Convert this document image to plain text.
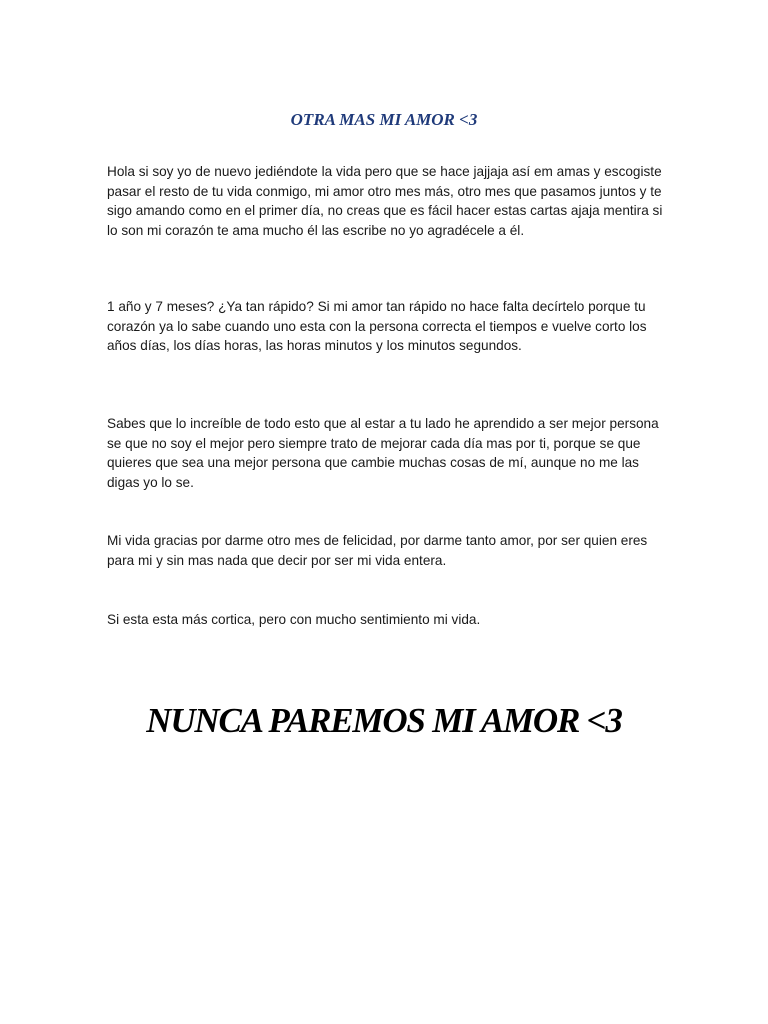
OTRA MAS MI AMOR <3

Hola si soy yo de nuevo jediéndote la vida pero que se hace jajjaja así em amas y escogiste pasar el resto de tu vida conmigo, mi amor otro mes más, otro mes que pasamos juntos y te sigo amando como en el primer día, no creas que es fácil hacer estas cartas ajaja mentira si lo son mi corazón te ama mucho él las escribe no yo agradécele a él.

1 año y 7 meses? ¿Ya tan rápido? Si mi amor tan rápido no hace falta decírtelo porque tu corazón ya lo sabe cuando uno esta con la persona correcta el tiempos e vuelve corto los años días, los días horas, las horas minutos y los minutos segundos.

Sabes que lo increíble de todo esto que al estar a tu lado he aprendido a ser mejor persona se que no soy el mejor pero siempre trato de mejorar cada día mas por ti, porque se que quieres que sea una mejor persona que cambie muchas cosas de mí, aunque no me las digas yo lo se.

Mi vida gracias por darme otro mes de felicidad, por darme tanto amor, por ser quien eres para mi y sin mas nada que decir por ser mi vida entera.

Si esta esta más cortica, pero con mucho sentimiento mi vida.

NUNCA PAREMOS MI AMOR <3
